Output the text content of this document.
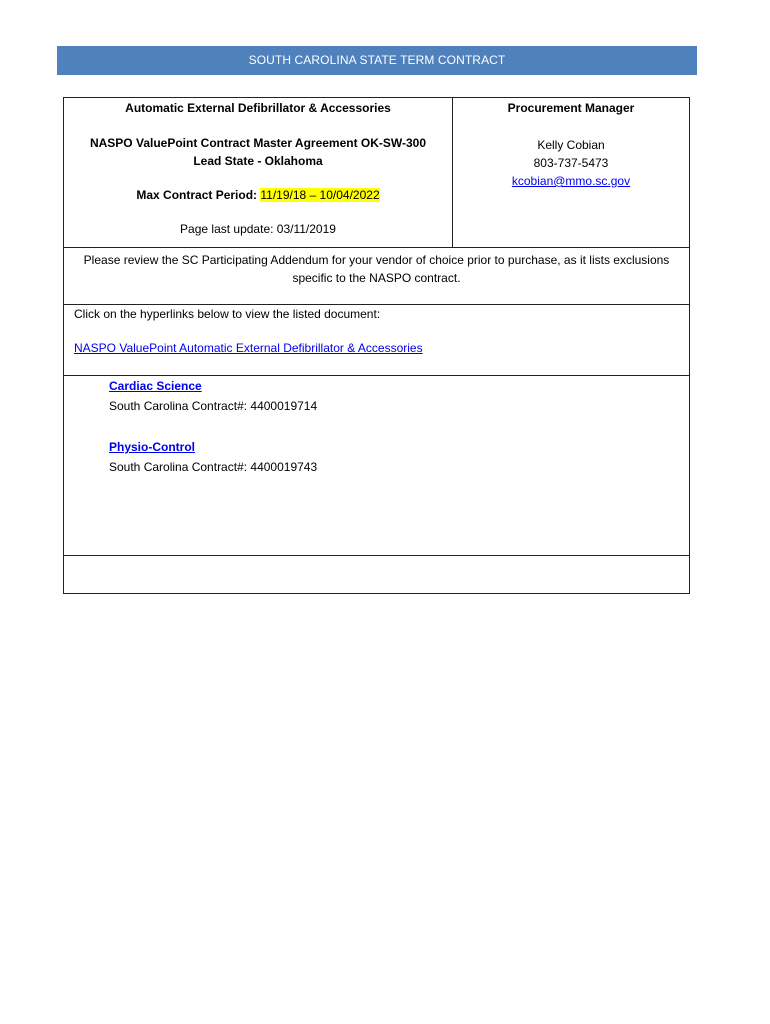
SOUTH CAROLINA STATE TERM CONTRACT
Automatic External Defibrillator & Accessories
NASPO ValuePoint Contract Master Agreement OK-SW-300
Lead State - Oklahoma
Max Contract Period: 11/19/18 – 10/04/2022
Page last update: 03/11/2019
Procurement Manager
Kelly Cobian
803-737-5473
kcobian@mmo.sc.gov
Please review the SC Participating Addendum for your vendor of choice prior to purchase, as it lists exclusions specific to the NASPO contract.
Click on the hyperlinks below to view the listed document:
NASPO ValuePoint Automatic External Defibrillator & Accessories
Cardiac Science
South Carolina Contract#: 4400019714
Physio-Control
South Carolina Contract#: 4400019743
